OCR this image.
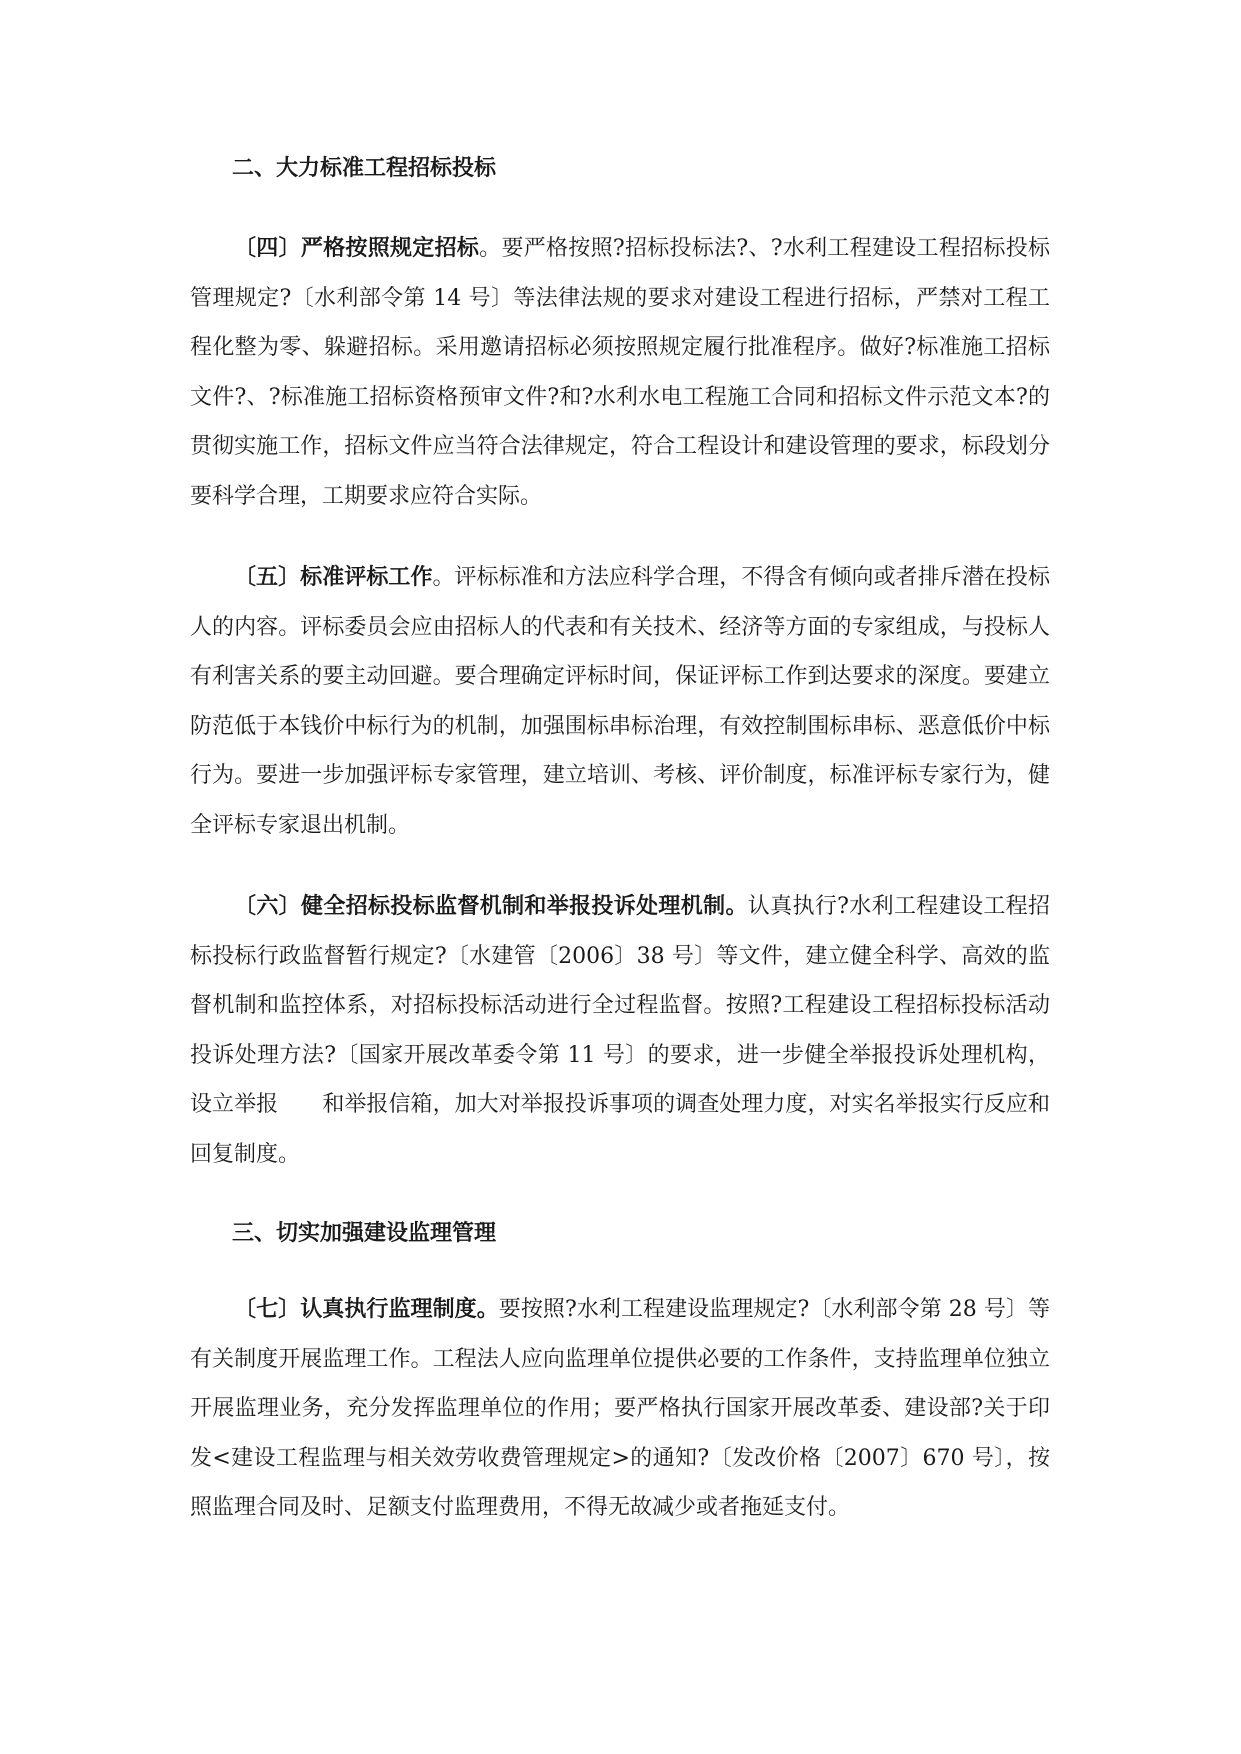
二、大力标准工程招标投标

〔四〕严格按照规定招标。要严格按照?招标投标法?、?水利工程建设工程招标投标管理规定?〔水利部令第 14 号〕等法律法规的要求对建设工程进行招标，严禁对工程工程化整为零、躲避招标。采用邀请招标必须按照规定履行批准程序。做好?标准施工招标文件?、?标准施工招标资格预审文件?和?水利水电工程施工合同和招标文件示范文本?的贯彻实施工作，招标文件应当符合法律规定，符合工程设计和建设管理的要求，标段划分要科学合理，工期要求应符合实际。

〔五〕标准评标工作。评标标准和方法应科学合理，不得含有倾向或者排斥潜在投标人的内容。评标委员会应由招标人的代表和有关技术、经济等方面的专家组成，与投标人有利害关系的要主动回避。要合理确定评标时间，保证评标工作到达要求的深度。要建立防范低于本钱价中标行为的机制，加强围标串标治理，有效控制围标串标、恶意低价中标行为。要进一步加强评标专家管理，建立培训、考核、评价制度，标准评标专家行为，健全评标专家退出机制。

〔六〕健全招标投标监督机制和举报投诉处理机制。认真执行?水利工程建设工程招标投标行政监督暂行规定?〔水建管〔2006〕38 号〕等文件，建立健全科学、高效的监督机制和监控体系，对招标投标活动进行全过程监督。按照?工程建设工程招标投标活动投诉处理方法?〔国家开展改革委令第 11 号〕的要求，进一步健全举报投诉处理机构，设立举报　　和举报信箱，加大对举报投诉事项的调查处理力度，对实名举报实行反应和回复制度。

三、切实加强建设监理管理

〔七〕认真执行监理制度。要按照?水利工程建设监理规定?〔水利部令第 28 号〕等有关制度开展监理工作。工程法人应向监理单位提供必要的工作条件，支持监理单位独立开展监理业务，充分发挥监理单位的作用；要严格执行国家开展改革委、建设部?关于印发<建设工程监理与相关效劳收费管理规定>的通知?〔发改价格〔2007〕670 号〕，按照监理合同及时、足额支付监理费用，不得无故减少或者拖延支付。
